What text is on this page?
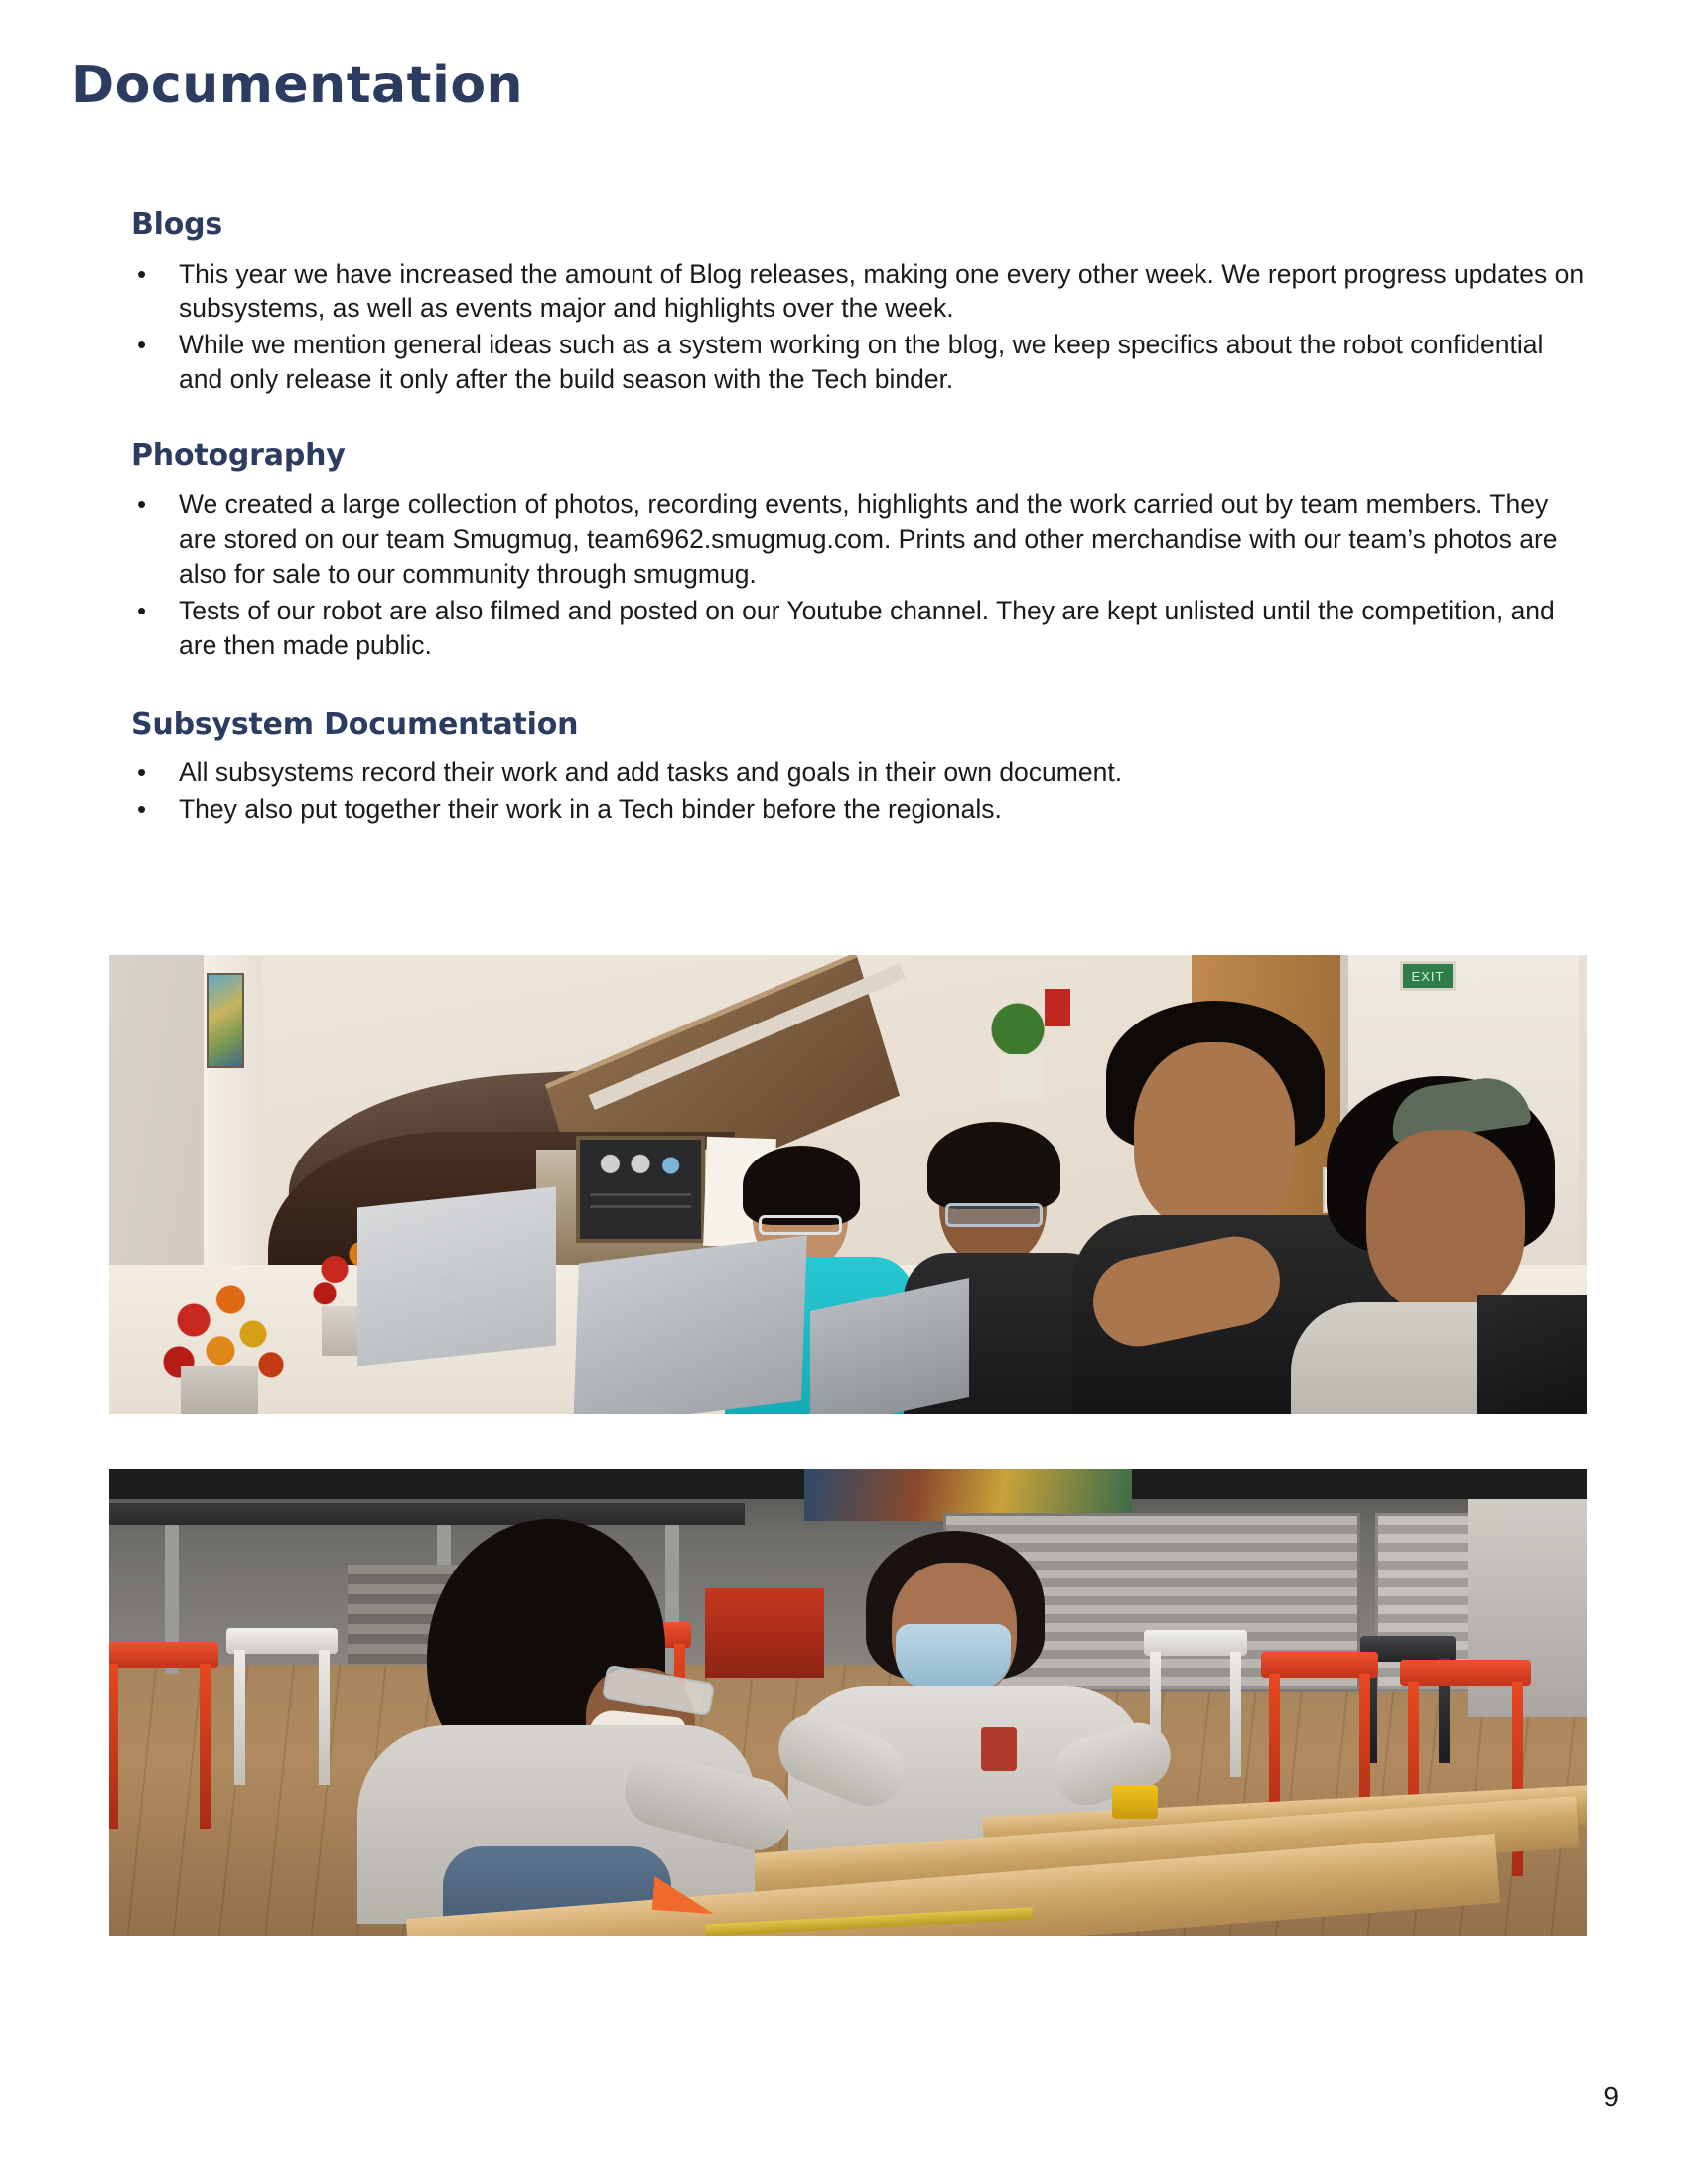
Documentation
Blogs
• This year we have increased the amount of Blog releases, making one every other week. We report progress updates on subsystems, as well as events major and highlights over the week.
• While we mention general ideas such as a system working on the blog, we keep specifics about the robot confidential and only release it only after the build season with the Tech binder.
Photography
• We created a large collection of photos, recording events, highlights and the work carried out by team members. They are stored on our team Smugmug, team6962.smugmug.com. Prints and other merchandise with our team’s photos are also for sale to our community through smugmug.
• Tests of our robot are also filmed and posted on our Youtube channel. They are kept unlisted until the competition, and are then made public.
Subsystem Documentation
• All subsystems record their work and add tasks and goals in their own document.
• They also put together their work in a Tech binder before the regionals.
EXIT
9
